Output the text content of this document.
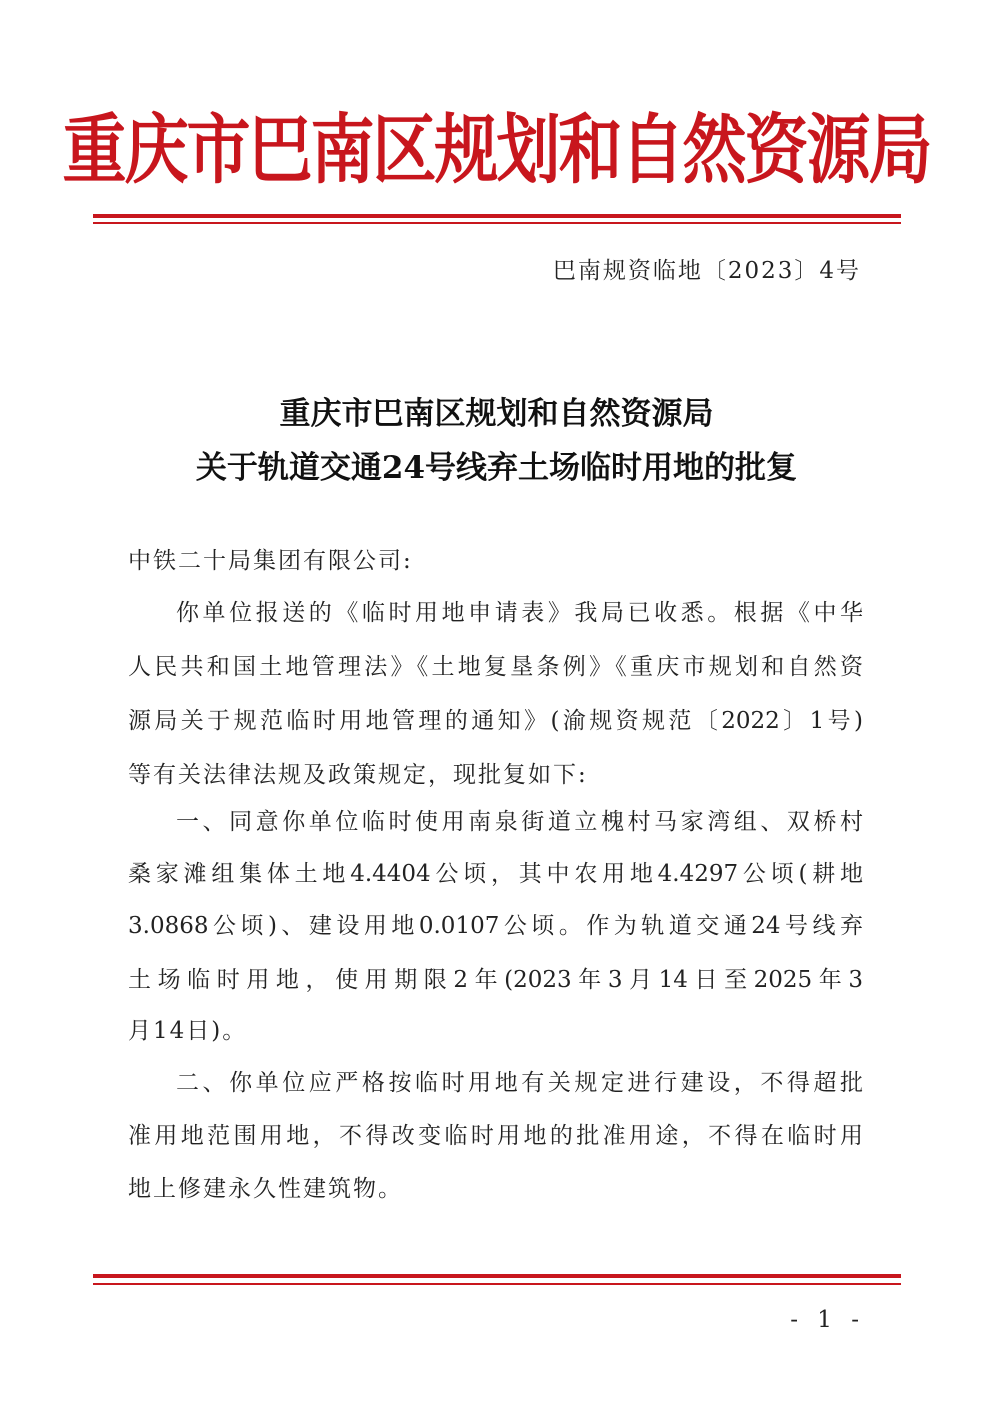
重庆市巴南区规划和自然资源局
巴南规资临地〔2023〕4号
重庆市巴南区规划和自然资源局
关于轨道交通24号线弃土场临时用地的批复
中铁二十局集团有限公司:
你单位报送的《临时用地申请表》我局已收悉。根据《中华
人民共和国土地管理法》《土地复垦条例》《重庆市规划和自然资
源局关于规范临时用地管理的通知》(渝规资规范〔2022〕1号)
等有关法律法规及政策规定，现批复如下:
一、同意你单位临时使用南泉街道立槐村马家湾组、双桥村
桑家滩组集体土地4.4404公顷，其中农用地4.4297公顷(耕地
3.0868公顷)、建设用地0.0107公顷。作为轨道交通24号线弃
土场临时用地，使用期限2年(2023年3月14日至2025年3
月14日)。
二、你单位应严格按临时用地有关规定进行建设，不得超批
准用地范围用地，不得改变临时用地的批准用途，不得在临时用
地上修建永久性建筑物。
- 1 -
